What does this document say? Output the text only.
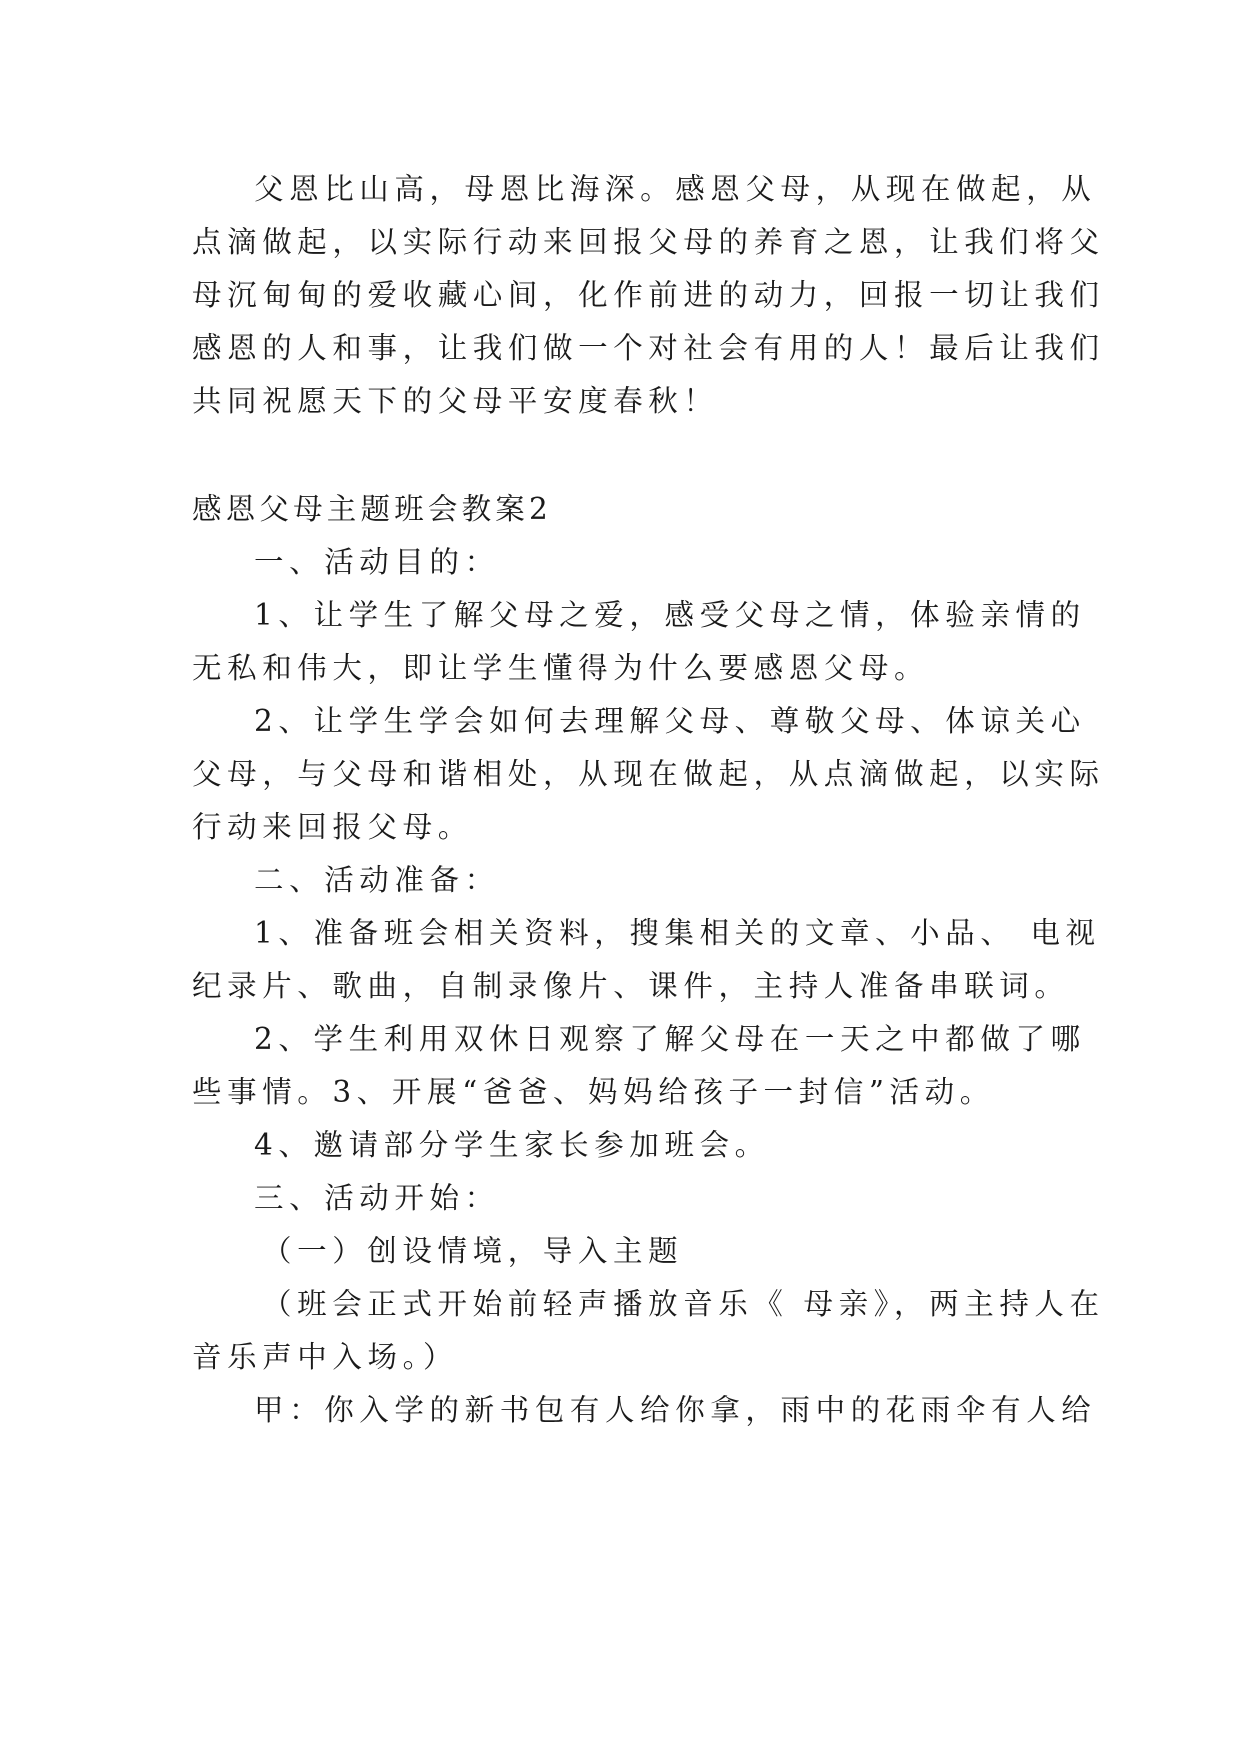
父恩比山高，母恩比海深。感恩父母，从现在做起，从
点滴做起，以实际行动来回报父母的养育之恩，让我们将父
母沉甸甸的爱收藏心间，化作前进的动力，回报一切让我们
感恩的人和事，让我们做一个对社会有用的人！最后让我们
共同祝愿天下的父母平安度春秋！
感恩父母主题班会教案2
一、活动目的：
1、让学生了解父母之爱，感受父母之情，体验亲情的
无私和伟大，即让学生懂得为什么要感恩父母。
2、让学生学会如何去理解父母、尊敬父母、体谅关心
父母，与父母和谐相处，从现在做起，从点滴做起，以实际
行动来回报父母。
二、活动准备：
1、准备班会相关资料，搜集相关的文章、小品、 电视
纪录片、歌曲，自制录像片、课件，主持人准备串联词。
2、学生利用双休日观察了解父母在一天之中都做了哪
些事情。3、开展“爸爸、妈妈给孩子一封信”活动。
4、邀请部分学生家长参加班会。
三、活动开始：
（一）创设情境，导入主题
（班会正式开始前轻声播放音乐《 母亲》，两主持人在
音乐声中入场。）
甲：你入学的新书包有人给你拿，雨中的花雨伞有人给
